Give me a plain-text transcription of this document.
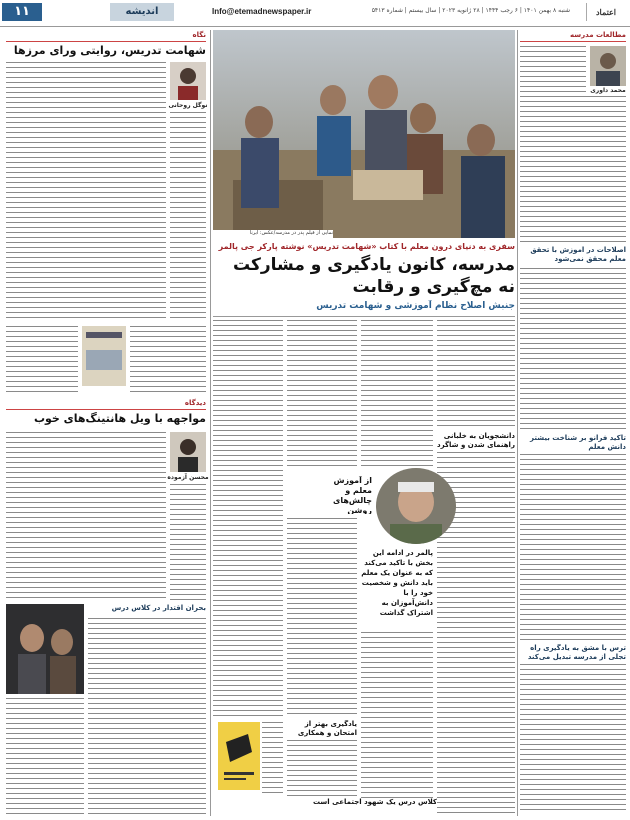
۱۱	اندیشه	Info@etemadnewspaper.ir	شنبه ۸ بهمن ۱۴۰۱ | ۶ رجب ۱۴۴۴ | ۲۸ ژانویه ۲۰۲۳ | سال بیستم | شماره ۵۴۱۳	اعتماد
مطالعات مدرسه
محمد داوری
اصلاحات در آموزش با تحقق معلم محقق نمی‌شود
تاکید فرانو بر شناخت بیشتر دانش معلم
ترس با مشق به یادگیری راه تجلی از مدرسه تبدیل می‌کند
نمایی از فیلم پدر در مدرسه/عکس: ایرنا
سفری به دنیای درون معلم با کتاب «شهامت تدریس» نوشته پارکر جی پالمر
مدرسه، کانون یادگیری و مشارکت
نه مچ‌گیری و رقابت
جنبش اصلاح نظام آموزشی و شهامت تدریس
دانشجویان به خلبانی راهنمای شدن و شاگرد
از آموزش معلم و چالش‌های روشن
پالمر در ادامه این بخش با تاکید می‌کند که به عنوان یک معلم باید دانش و شخصیت خود را با دانش‌آموزان به اشتراک گذاشت
یادگیری بهتر از امتحان و همکاری
کلاس درس یک شهود اجتماعی است
نگاه
شهامت تدریس، روایتی ورای مرزها
نوگل روحانی
دیدگاه
مواجهه با ویل هانتینگ‌های خوب
محسن آزموده
بحران اقتدار در کلاس درس
